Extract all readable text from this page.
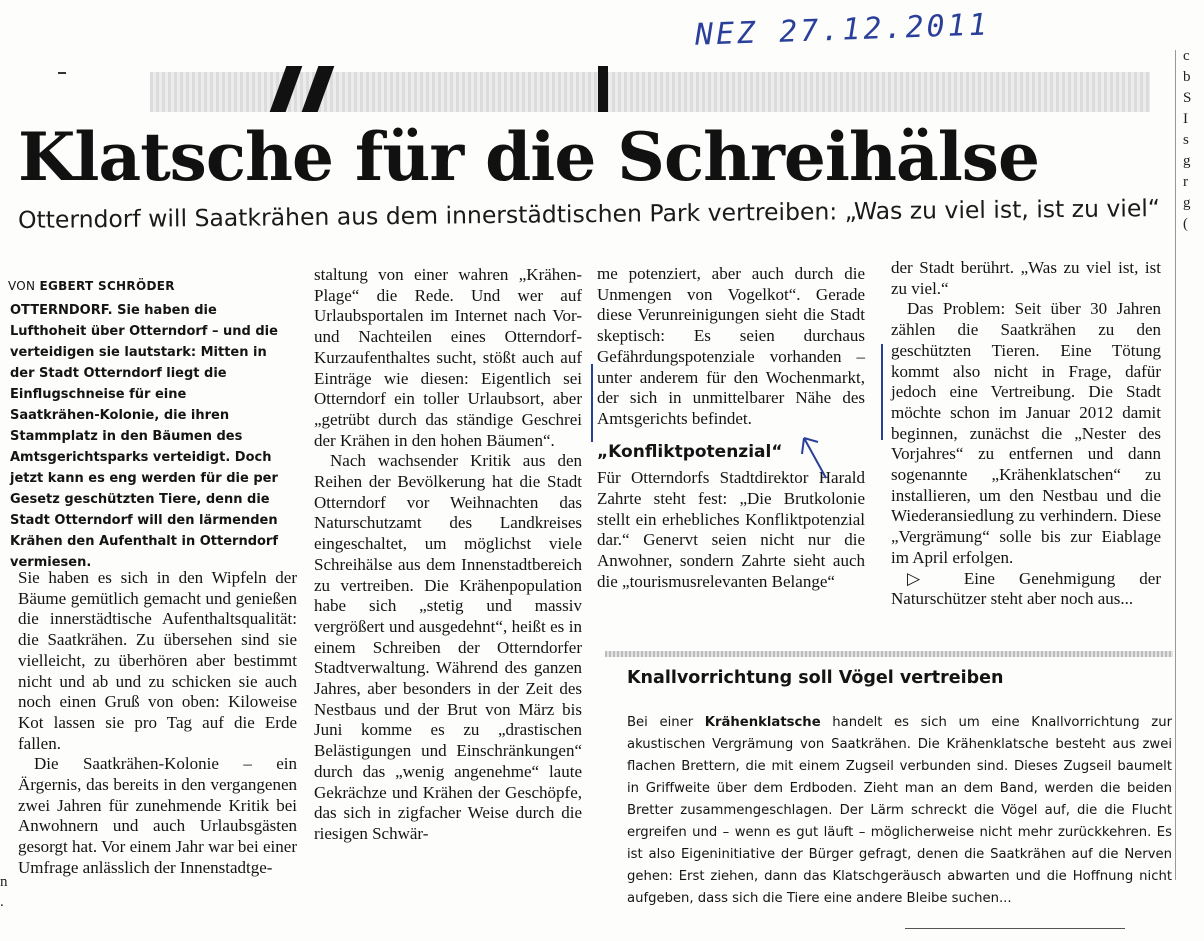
NEZ 27.12.2011
Klatsche für die Schreihälse
Otterndorf will Saatkrähen aus dem innerstädtischen Park vertreiben: „Was zu viel ist, ist zu viel“
VON EGBERT SCHRÖDER
OTTERNDORF. Sie haben die Lufthoheit über Otterndorf – und die verteidigen sie lautstark: Mitten in der Stadt Otterndorf liegt die Einflugschneise für eine Saatkrähen-Kolonie, die ihren Stammplatz in den Bäumen des Amtsgerichtsparks verteidigt. Doch jetzt kann es eng werden für die per Gesetz geschützten Tiere, denn die Stadt Otterndorf will den lärmenden Krähen den Aufenthalt in Otterndorf vermiesen.

Sie haben es sich in den Wipfeln der Bäume gemütlich gemacht und genießen die innerstädtische Aufenthaltsqualität: die Saatkrähen. Zu übersehen sind sie vielleicht, zu überhören aber bestimmt nicht und ab und zu schicken sie auch noch einen Gruß von oben: Kiloweise Kot lassen sie pro Tag auf die Erde fallen.

Die Saatkrähen-Kolonie – ein Ärgernis, das bereits in den vergangenen zwei Jahren für zunehmende Kritik bei Anwohnern und auch Urlaubsgästen gesorgt hat. Vor einem Jahr war bei einer Umfrage anlässlich der Innenstadtge-

staltung von einer wahren „Krähen-Plage“ die Rede. Und wer auf Urlaubsportalen im Internet nach Vor- und Nachteilen eines Otterndorf-Kurzaufenthaltes sucht, stößt auch auf Einträge wie diesen: Eigentlich sei Otterndorf ein toller Urlaubsort, aber „getrübt durch das ständige Geschrei der Krähen in den hohen Bäumen“.

Nach wachsender Kritik aus den Reihen der Bevölkerung hat die Stadt Otterndorf vor Weihnachten das Naturschutzamt des Landkreises eingeschaltet, um möglichst viele Schreihälse aus dem Innenstadtbereich zu vertreiben. Die Krähenpopulation habe sich „stetig und massiv vergrößert und ausgedehnt“, heißt es in einem Schreiben der Otterndorfer Stadtverwaltung. Während des ganzen Jahres, aber besonders in der Zeit des Nestbaus und der Brut von März bis Juni komme es zu „drastischen Belästigungen und Einschränkungen“ durch das „wenig angenehme“ laute Gekrächze und Krähen der Geschöpfe, das sich in zigfacher Weise durch die riesigen Schwär-

me potenziert, aber auch durch die Unmengen von Vogelkot“. Gerade diese Verunreinigungen sieht die Stadt skeptisch: Es seien durchaus Gefährdungspotenziale vorhanden – unter anderem für den Wochenmarkt, der sich in unmittelbarer Nähe des Amtsgerichts befindet.

„Konfliktpotenzial“

Für Otterndorfs Stadtdirektor Harald Zahrte steht fest: „Die Brutkolonie stellt ein erhebliches Konfliktpotenzial dar.“ Genervt seien nicht nur die Anwohner, sondern Zahrte sieht auch die „tourismusrelevanten Belange“

der Stadt berührt. „Was zu viel ist, ist zu viel.“

Das Problem: Seit über 30 Jahren zählen die Saatkrähen zu den geschützten Tieren. Eine Tötung kommt also nicht in Frage, dafür jedoch eine Vertreibung. Die Stadt möchte schon im Januar 2012 damit beginnen, zunächst die „Nester des Vorjahres“ zu entfernen und dann sogenannte „Krähenklatschen“ zu installieren, um den Nestbau und die Wiederansiedlung zu verhindern. Diese „Vergrämung“ solle bis zur Eiablage im April erfolgen.

▷ Eine Genehmigung der Naturschützer steht aber noch aus...

Knallvorrichtung soll Vögel vertreiben
Bei einer Krähenklatsche handelt es sich um eine Knallvorrichtung zur akustischen Vergrämung von Saatkrähen. Die Krähenklatsche besteht aus zwei flachen Brettern, die mit einem Zugseil verbunden sind. Dieses Zugseil baumelt in Griffweite über dem Erdboden. Zieht man an dem Band, werden die beiden Bretter zusammengeschlagen. Der Lärm schreckt die Vögel auf, die die Flucht ergreifen und – wenn es gut läuft – möglicherweise nicht mehr zurückkehren. Es ist also Eigeninitiative der Bürger gefragt, denen die Saatkrähen auf die Nerven gehen: Erst ziehen, dann das Klatschgeräusch abwarten und die Hoffnung nicht aufgeben, dass sich die Tiere eine andere Bleibe suchen...
c
b
S
I
s
g
r
g
(
n
.
